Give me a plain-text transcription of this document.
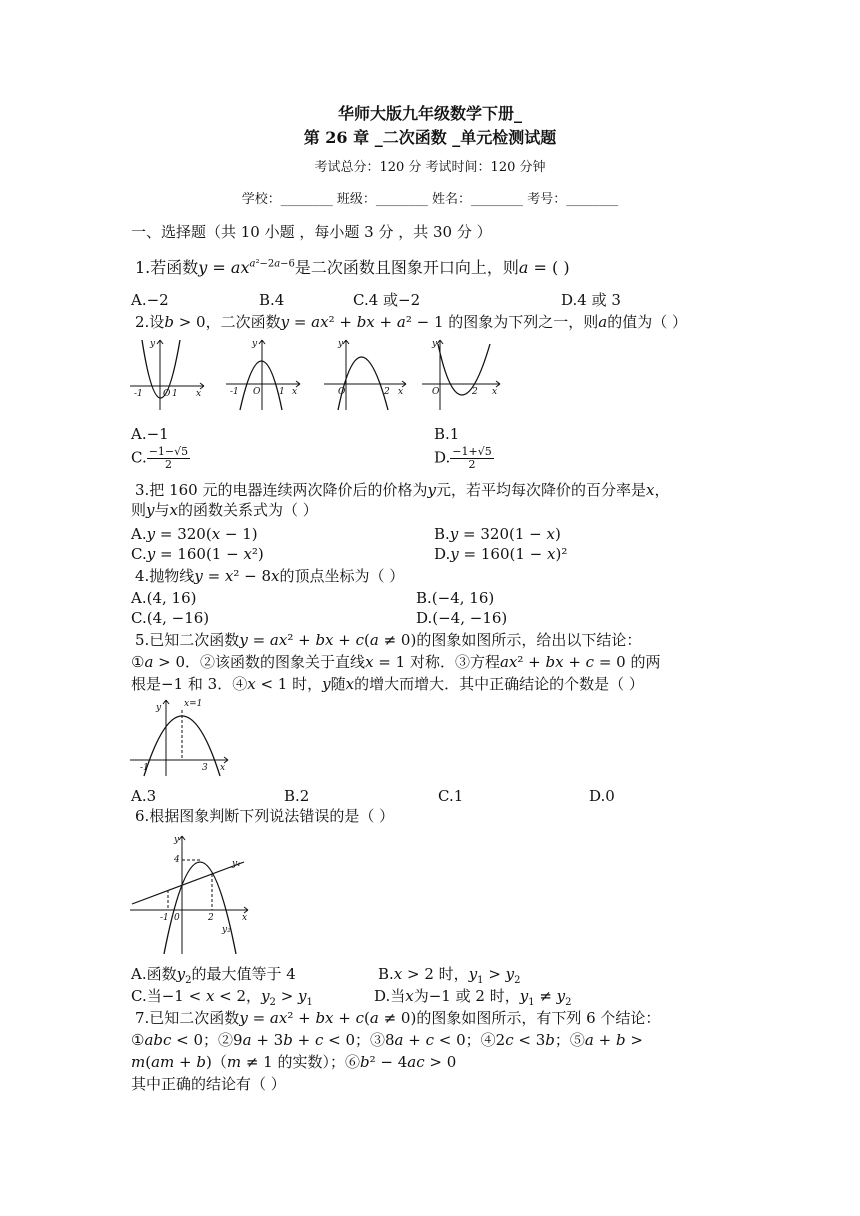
华师大版九年级数学下册_
第 26 章 _二次函数 _单元检测试题
考试总分：120 分 考试时间：120 分钟
学校：________ 班级：________ 姓名：________ 考号：________
一、选择题（共 10 小题 ，每小题 3 分 ，共 30 分 ）
1.若函数$y = ax^{a^2-2a-6}$是二次函数且图象开口向上，则a = ( )
A.−2	B.4	C.4 或−2	D.4 或 3
2.设b > 0，二次函数y = ax² + bx + a² − 1 的图象为下列之一，则a的值为（ ）
y
x
-1 O 1
y
x
-1 O 1
y
x
O	2
y
x
O	2
A.−1	B.1
C. $\frac{-1-√5}{2}$	D. $\frac{-1+√5}{2}$
3.把 160 元的电器连续两次降价后的价格为y元，若平均每次降价的百分率是x，
则y与x的函数关系式为（ ）
A.y = 320(x − 1)	B.y = 320(1 − x)
C.y = 160(1 − x²)	D.y = 160(1 − x)²
4.抛物线y = x² − 8x的顶点坐标为（ ）
A.(4, 16)	B.(−4, 16)
C.(4, −16)	D.(−4, −16)
5.已知二次函数y = ax² + bx + c(a ≠ 0)的图象如图所示，给出以下结论：
①a > 0．②该函数的图象关于直线x = 1 对称．③方程ax² + bx + c = 0 的两
根是−1 和 3．④x < 1 时，y随x的增大而增大．其中正确结论的个数是（ ）
y	x=1
x
-1	3
A.3	B.2	C.1	D.0
6.根据图象判断下列说法错误的是（ ）
y
4
x
-1 0	2
y₁
y₂
A.函数$y_2$的最大值等于 4	B.x > 2 时，$y_1 > y_2$
C.当−1 < x < 2，$y_2 > y_1$	D.当x为−1 或 2 时，$y_1 \ne y_2$
7.已知二次函数y = ax² + bx + c(a ≠ 0)的图象如图所示，有下列 6 个结论：
①abc < 0；②9a + 3b + c < 0；③8a + c < 0；④2c < 3b；⑤a + b >
m(am + b)（m ≠ 1 的实数）；⑥b² − 4ac > 0
其中正确的结论有（ ）
